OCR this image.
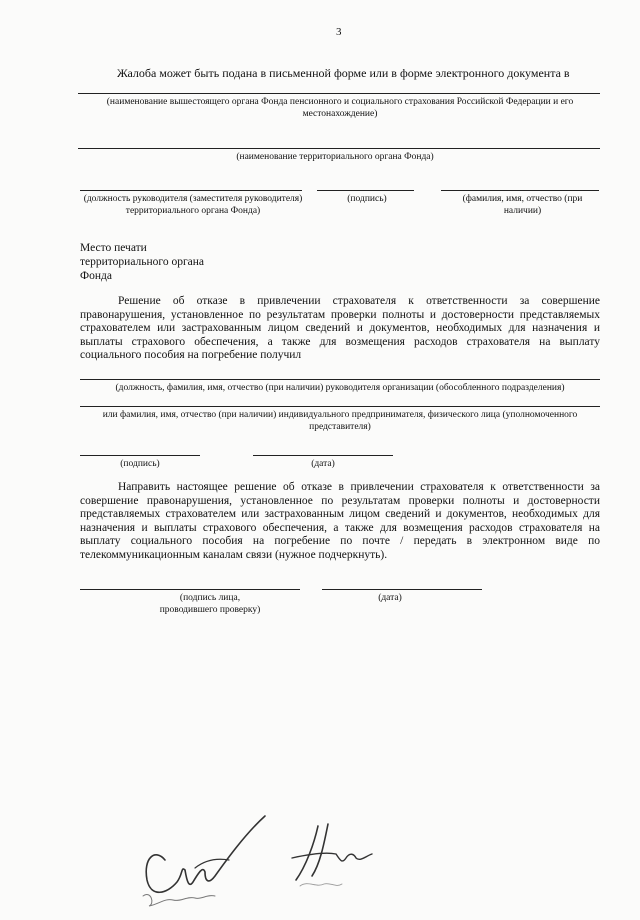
3
Жалоба может быть подана в письменной форме или в форме электронного документа в
(наименование вышестоящего органа Фонда пенсионного и социального страхования Российской Федерации и его местонахождение)
(наименование территориального органа Фонда)
(должность руководителя (заместителя руководителя) территориального органа Фонда)
(подпись)	(фамилия, имя, отчество (при наличии)
Место печати территориального органа Фонда
Решение об отказе в привлечении страхователя к ответственности за совершение правонарушения, установленное по результатам проверки полноты и достоверности представляемых страхователем или застрахованным лицом сведений и документов, необходимых для назначения и выплаты страхового обеспечения, а также для возмещения расходов страхователя на выплату социального пособия на погребение получил
(должность, фамилия, имя, отчество (при наличии) руководителя организации (обособленного подразделения)
или фамилия, имя, отчество (при наличии) индивидуального предпринимателя, физического лица (уполномоченного представителя)
(подпись)	(дата)
Направить настоящее решение об отказе в привлечении страхователя к ответственности за совершение правонарушения, установленное по результатам проверки полноты и достоверности представляемых страхователем или застрахованным лицом сведений и документов, необходимых для назначения и выплаты страхового обеспечения, а также для возмещения расходов страхователя на выплату социального пособия на погребение по почте / передать в электронном виде по телекоммуникационным каналам связи (нужное подчеркнуть).
(подпись лица, проводившего проверку)
(дата)
